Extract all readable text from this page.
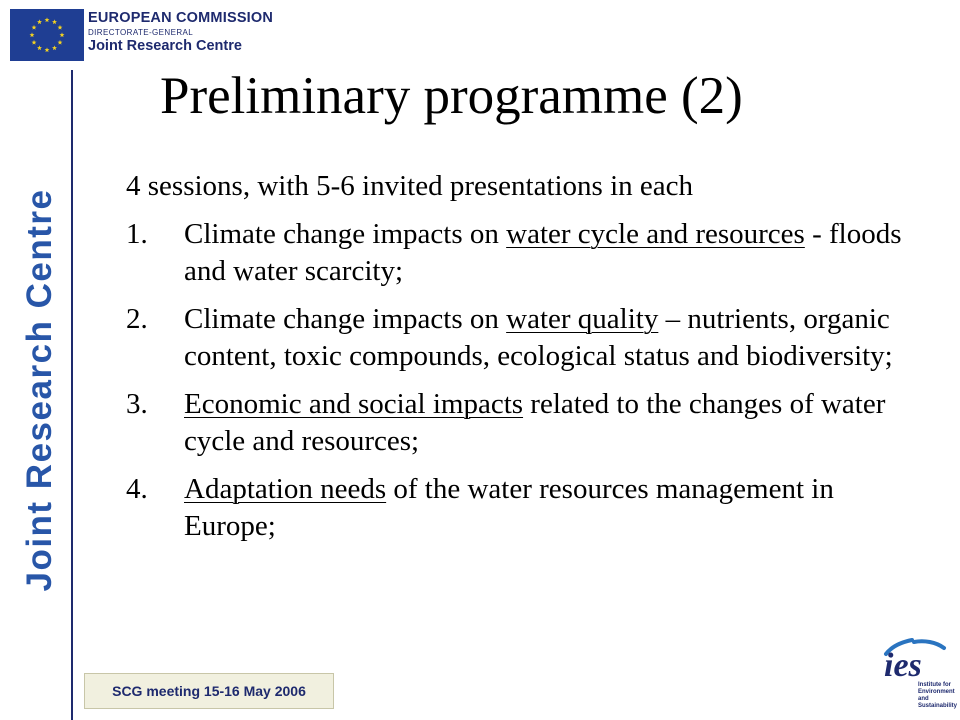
EUROPEAN COMMISSION
DIRECTORATE-GENERAL
Joint Research Centre
Joint Research Centre
Preliminary programme (2)

4 sessions, with 5-6 invited presentations in each

1.	Climate change impacts on water cycle and resources - floods and water scarcity;
2.	Climate change impacts on water quality – nutrients, organic content, toxic compounds, ecological status and biodiversity;
3.	Economic and social impacts related to the changes of water cycle and resources;
4.	Adaptation needs of the water resources management in Europe;
SCG meeting 15-16 May 2006
ies
Institute for
Environment
and
Sustainability
